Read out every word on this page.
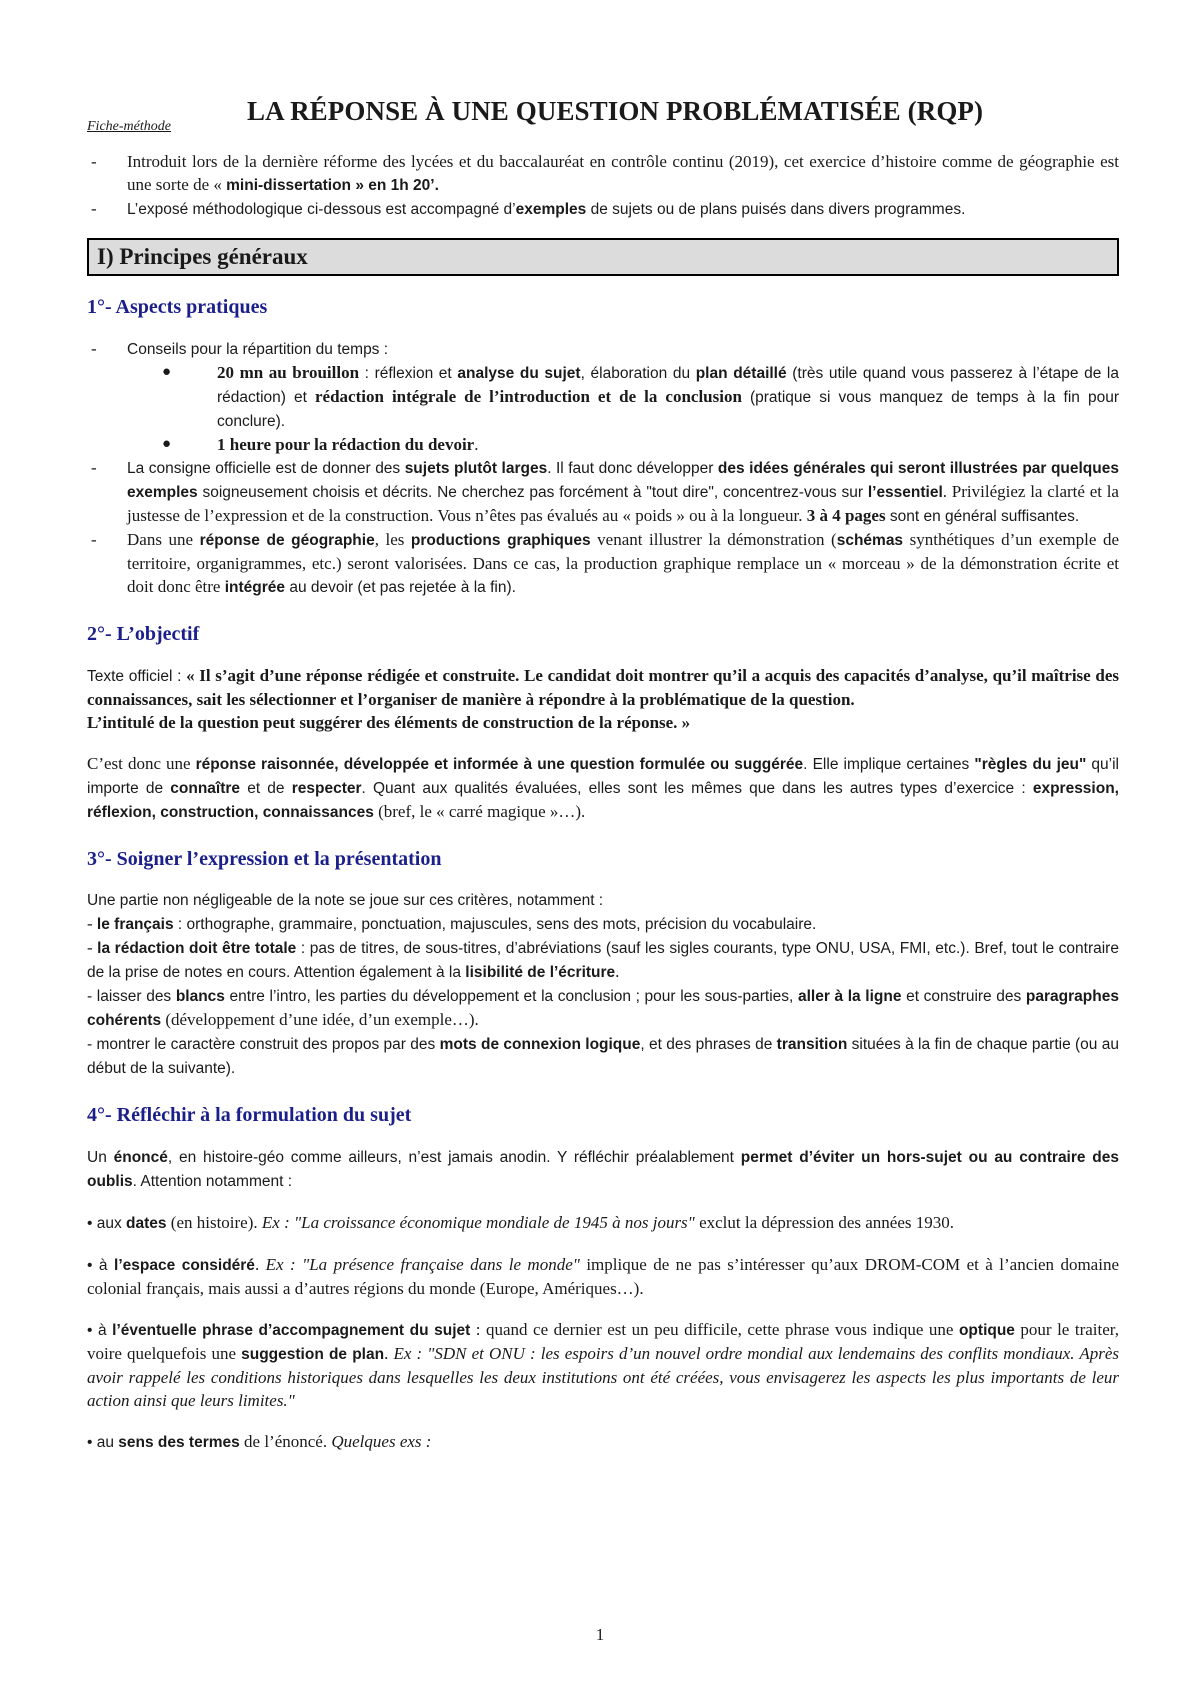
Fiche-méthode
LA RÉPONSE À UNE QUESTION PROBLÉMATISÉE (RQP)
- Introduit lors de la dernière réforme des lycées et du baccalauréat en contrôle continu (2019), cet exercice d’histoire comme de géographie est une sorte de « mini-dissertation » en 1h 20’.
- L’exposé méthodologique ci-dessous est accompagné d’exemples de sujets ou de plans puisés dans divers programmes.
I) Principes généraux
1°- Aspects pratiques
- Conseils pour la répartition du temps :
●	20 mn au brouillon : réflexion et analyse du sujet, élaboration du plan détaillé (très utile quand vous passerez à l’étape de la rédaction) et rédaction intégrale de l’introduction et de la conclusion (pratique si vous manquez de temps à la fin pour conclure).
●	1 heure pour la rédaction du devoir.
- La consigne officielle est de donner des sujets plutôt larges. Il faut donc développer des idées générales qui seront illustrées par quelques exemples soigneusement choisis et décrits. Ne cherchez pas forcément à "tout dire", concentrez-vous sur l’essentiel. Privilégiez la clarté et la justesse de l’expression et de la construction. Vous n’êtes pas évalués au « poids » ou à la longueur. 3 à 4 pages sont en général suffisantes.
- Dans une réponse de géographie, les productions graphiques venant illustrer la démonstration (schémas synthétiques d’un exemple de territoire, organigrammes, etc.) seront valorisées. Dans ce cas, la production graphique remplace un « morceau » de la démonstration écrite et doit donc être intégrée au devoir (et pas rejetée à la fin).
2°- L’objectif

Texte officiel : « Il s’agit d’une réponse rédigée et construite. Le candidat doit montrer qu’il a acquis des capacités d’analyse, qu’il maîtrise des connaissances, sait les sélectionner et l’organiser de manière à répondre à la problématique de la question.

L’intitulé de la question peut suggérer des éléments de construction de la réponse. »

C’est donc une réponse raisonnée, développée et informée à une question formulée ou suggérée. Elle implique certaines "règles du jeu" qu’il importe de connaître et de respecter. Quant aux qualités évaluées, elles sont les mêmes que dans les autres types d’exercice : expression, réflexion, construction, connaissances (bref, le « carré magique »…).

3°- Soigner l’expression et la présentation

Une partie non négligeable de la note se joue sur ces critères, notamment :

- le français : orthographe, grammaire, ponctuation, majuscules, sens des mots, précision du vocabulaire.

- la rédaction doit être totale : pas de titres, de sous-titres, d’abréviations (sauf les sigles courants, type ONU, USA, FMI, etc.). Bref, tout le contraire de la prise de notes en cours. Attention également à la lisibilité de l’écriture.

- laisser des blancs entre l’intro, les parties du développement et la conclusion ; pour les sous-parties, aller à la ligne et construire des paragraphes cohérents (développement d’une idée, d’un exemple…).

- montrer le caractère construit des propos par des mots de connexion logique, et des phrases de transition situées à la fin de chaque partie (ou au début de la suivante).

4°- Réfléchir à la formulation du sujet

Un énoncé, en histoire-géo comme ailleurs, n’est jamais anodin. Y réfléchir préalablement permet d’éviter un hors-sujet ou au contraire des oublis. Attention notamment :

• aux dates (en histoire). Ex : "La croissance économique mondiale de 1945 à nos jours" exclut la dépression des années 1930.

• à l’espace considéré. Ex : "La présence française dans le monde" implique de ne pas s’intéresser qu’aux DROM-COM et à l’ancien domaine colonial français, mais aussi a d’autres régions du monde (Europe, Amériques…).

• à l’éventuelle phrase d’accompagnement du sujet : quand ce dernier est un peu difficile, cette phrase vous indique une optique pour le traiter, voire quelquefois une suggestion de plan. Ex : "SDN et ONU : les espoirs d’un nouvel ordre mondial aux lendemains des conflits mondiaux. Après avoir rappelé les conditions historiques dans lesquelles les deux institutions ont été créées, vous envisagerez les aspects les plus importants de leur action ainsi que leurs limites."

• au sens des termes de l’énoncé. Quelques exs :

1
